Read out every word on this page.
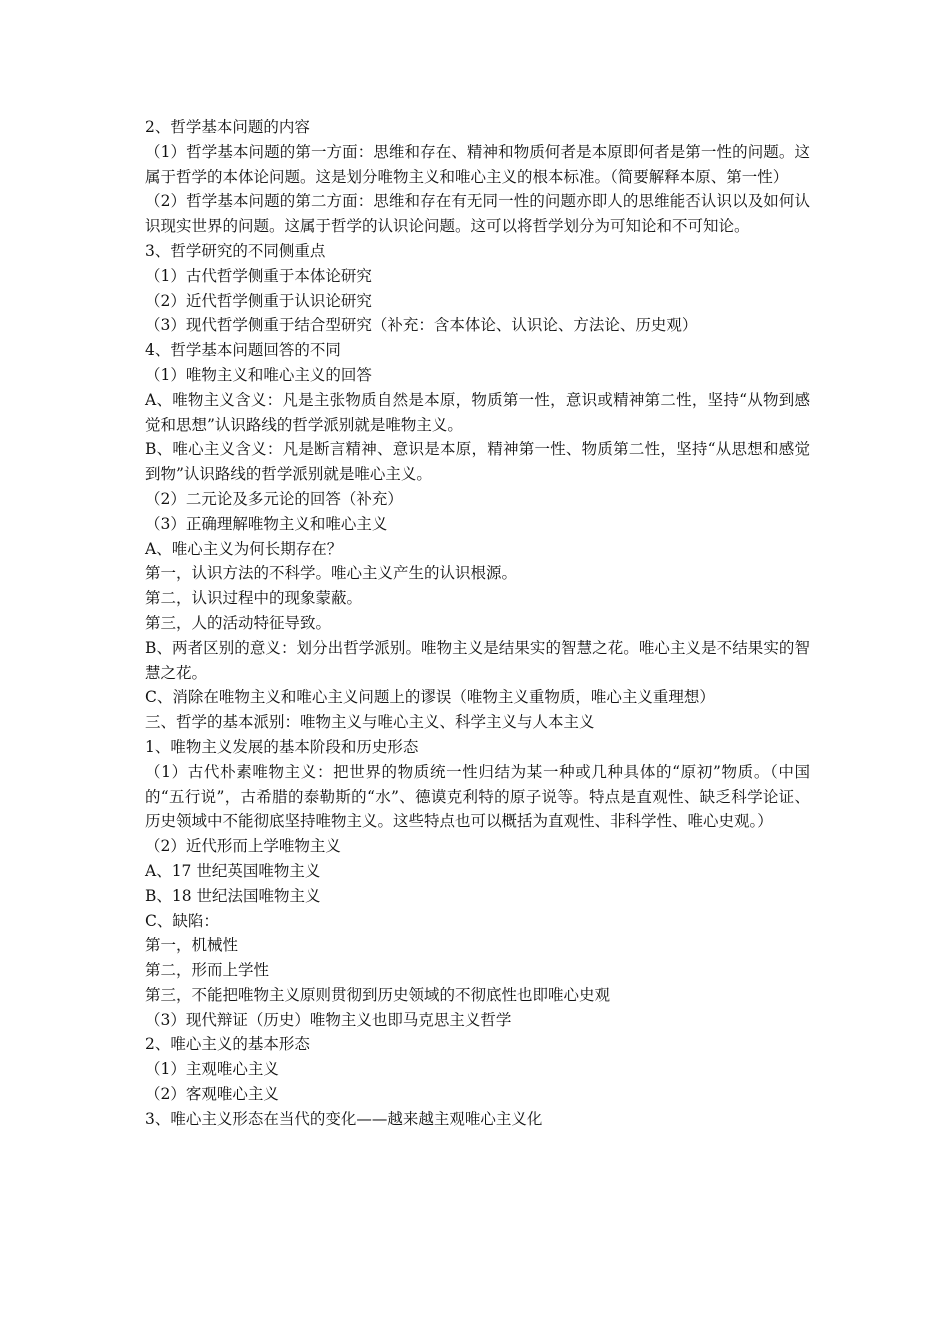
2、哲学基本问题的内容
（1）哲学基本问题的第一方面：思维和存在、精神和物质何者是本原即何者是第一性的问题。这属于哲学的本体论问题。这是划分唯物主义和唯心主义的根本标准。（简要解释本原、第一性）
（2）哲学基本问题的第二方面：思维和存在有无同一性的问题亦即人的思维能否认识以及如何认识现实世界的问题。这属于哲学的认识论问题。这可以将哲学划分为可知论和不可知论。
3、哲学研究的不同侧重点
（1）古代哲学侧重于本体论研究
（2）近代哲学侧重于认识论研究
（3）现代哲学侧重于结合型研究（补充：含本体论、认识论、方法论、历史观）
4、哲学基本问题回答的不同
（1）唯物主义和唯心主义的回答
A、唯物主义含义：凡是主张物质自然是本原，物质第一性，意识或精神第二性，坚持“从物到感觉和思想”认识路线的哲学派别就是唯物主义。
B、唯心主义含义：凡是断言精神、意识是本原，精神第一性、物质第二性，坚持“从思想和感觉到物”认识路线的哲学派别就是唯心主义。
（2）二元论及多元论的回答（补充）
（3）正确理解唯物主义和唯心主义
A、唯心主义为何长期存在？
第一，认识方法的不科学。唯心主义产生的认识根源。
第二，认识过程中的现象蒙蔽。
第三，人的活动特征导致。
B、两者区别的意义：划分出哲学派别。唯物主义是结果实的智慧之花。唯心主义是不结果实的智慧之花。
C、消除在唯物主义和唯心主义问题上的谬误（唯物主义重物质，唯心主义重理想）
三、哲学的基本派别：唯物主义与唯心主义、科学主义与人本主义
1、唯物主义发展的基本阶段和历史形态
（1）古代朴素唯物主义：把世界的物质统一性归结为某一种或几种具体的“原初”物质。（中国的“五行说”，古希腊的泰勒斯的“水”、德谟克利特的原子说等。特点是直观性、缺乏科学论证、历史领域中不能彻底坚持唯物主义。这些特点也可以概括为直观性、非科学性、唯心史观。）
（2）近代形而上学唯物主义
A、17 世纪英国唯物主义
B、18 世纪法国唯物主义
C、缺陷：
第一，机械性
第二，形而上学性
第三，不能把唯物主义原则贯彻到历史领域的不彻底性也即唯心史观
（3）现代辩证（历史）唯物主义也即马克思主义哲学
2、唯心主义的基本形态
（1）主观唯心主义
（2）客观唯心主义
3、唯心主义形态在当代的变化——越来越主观唯心主义化
